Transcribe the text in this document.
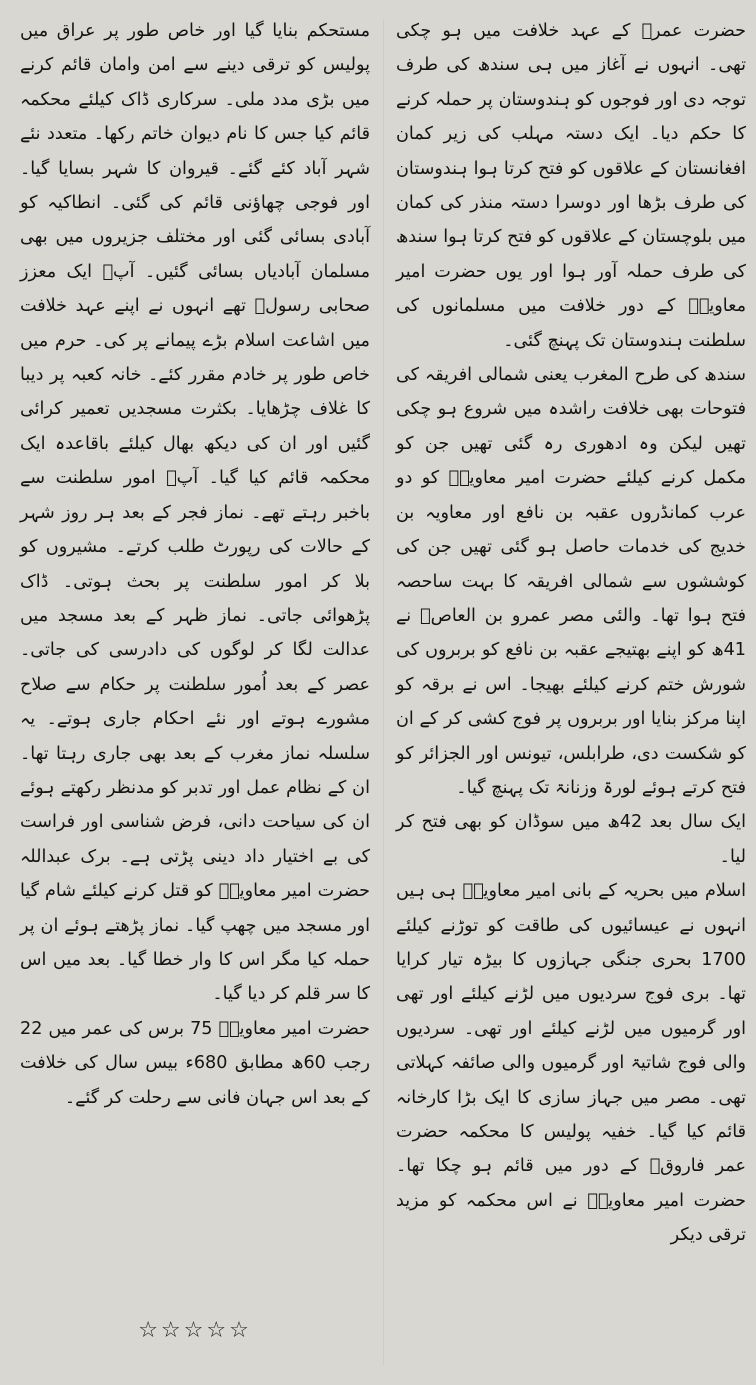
حضرت عمرؓ کے عہد خلافت میں ہو چکی تھی۔ انہوں نے آغاز میں ہی سندھ کی طرف توجہ دی اور فوجوں کو ہندوستان پر حملہ کرنے کا حکم دیا۔ ایک دستہ مہلب کی زیر کمان افغانستان کے علاقوں کو فتح کرتا ہوا ہندوستان کی طرف بڑھا اور دوسرا دستہ منذر کی کمان میں بلوچستان کے علاقوں کو فتح کرتا ہوا سندھ کی طرف حملہ آور ہوا اور یوں حضرت امیر معاویہؓ کے دور خلافت میں مسلمانوں کی سلطنت ہندوستان تک پہنچ گئی۔

سندھ کی طرح المغرب یعنی شمالی افریقہ کی فتوحات بھی خلافت راشدہ میں شروع ہو چکی تھیں لیکن وہ ادھوری رہ گئی تھیں جن کو مکمل کرنے کیلئے حضرت امیر معاویہؓ کو دو عرب کمانڈروں عقبہ بن نافع اور معاویہ بن خدیج کی خدمات حاصل ہو گئی تھیں جن کی کوششوں سے شمالی افریقہ کا بہت ساحصہ فتح ہوا تھا۔ والئی مصر عمرو بن العاصؓ نے 41ھ کو اپنے بھتیجے عقبہ بن نافع کو بربروں کی شورش ختم کرنے کیلئے بھیجا۔ اس نے برقہ کو اپنا مرکز بنایا اور بربروں پر فوج کشی کر کے ان کو شکست دی، طرابلس، تیونس اور الجزائر کو فتح کرتے ہوئے لورۃ وزنانۃ تک پہنچ گیا۔

ایک سال بعد 42ھ میں سوڈان کو بھی فتح کر لیا۔

اسلام میں بحریہ کے بانی امیر معاویہؓ ہی ہیں انہوں نے عیسائیوں کی طاقت کو توڑنے کیلئے 1700 بحری جنگی جہازوں کا بیڑہ تیار کرایا تھا۔ بری فوج سردیوں میں لڑنے کیلئے اور تھی اور گرمیوں میں لڑنے کیلئے اور تھی۔ سردیوں والی فوج شاتیۃ اور گرمیوں والی صائفہ کہلاتی تھی۔ مصر میں جہاز سازی کا ایک بڑا کارخانہ قائم کیا گیا۔ خفیہ پولیس کا محکمہ حضرت عمر فاروقؓ کے دور میں قائم ہو چکا تھا۔ حضرت امیر معاویہؓ نے اس محکمہ کو مزید ترقی دیکر

مستحکم بنایا گیا اور خاص طور پر عراق میں پولیس کو ترقی دینے سے امن وامان قائم کرنے میں بڑی مدد ملی۔ سرکاری ڈاک کیلئے محکمہ قائم کیا جس کا نام دیوان خاتم رکھا۔ متعدد نئے شہر آباد کئے گئے۔ قیروان کا شہر بسایا گیا۔ اور فوجی چھاؤنی قائم کی گئی۔ انطاکیہ کو آبادی بسائی گئی اور مختلف جزیروں میں بھی مسلمان آبادیاں بسائی گئیں۔ آپؓ ایک معزز صحابی رسولؐ تھے انہوں نے اپنے عہد خلافت میں اشاعت اسلام بڑے پیمانے پر کی۔ حرم میں خاص طور پر خادم مقرر کئے۔ خانہ کعبہ پر دیبا کا غلاف چڑھایا۔ بکثرت مسجدیں تعمیر کرائی گئیں اور ان کی دیکھ بھال کیلئے باقاعدہ ایک محکمہ قائم کیا گیا۔ آپؓ امور سلطنت سے باخبر رہتے تھے۔ نماز فجر کے بعد ہر روز شہر کے حالات کی رپورٹ طلب کرتے۔ مشیروں کو بلا کر امور سلطنت پر بحث ہوتی۔ ڈاک پڑھوائی جاتی۔ نماز ظہر کے بعد مسجد میں عدالت لگا کر لوگوں کی دادرسی کی جاتی۔ عصر کے بعد اُمور سلطنت پر حکام سے صلاح مشورے ہوتے اور نئے احکام جاری ہوتے۔ یہ سلسلہ نماز مغرب کے بعد بھی جاری رہتا تھا۔ ان کے نظام عمل اور تدبر کو مدنظر رکھتے ہوئے ان کی سیاحت دانی، فرض شناسی اور فراست کی بے اختیار داد دینی پڑتی ہے۔ برک عبداللہ حضرت امیر معاویہؓ کو قتل کرنے کیلئے شام گیا اور مسجد میں چھپ گیا۔ نماز پڑھتے ہوئے ان پر حملہ کیا مگر اس کا وار خطا گیا۔ بعد میں اس کا سر قلم کر دیا گیا۔

حضرت امیر معاویہؓ 75 برس کی عمر میں 22 رجب 60ھ مطابق 680ء بیس سال کی خلافت کے بعد اس جہان فانی سے رحلت کر گئے۔

☆☆☆☆☆
